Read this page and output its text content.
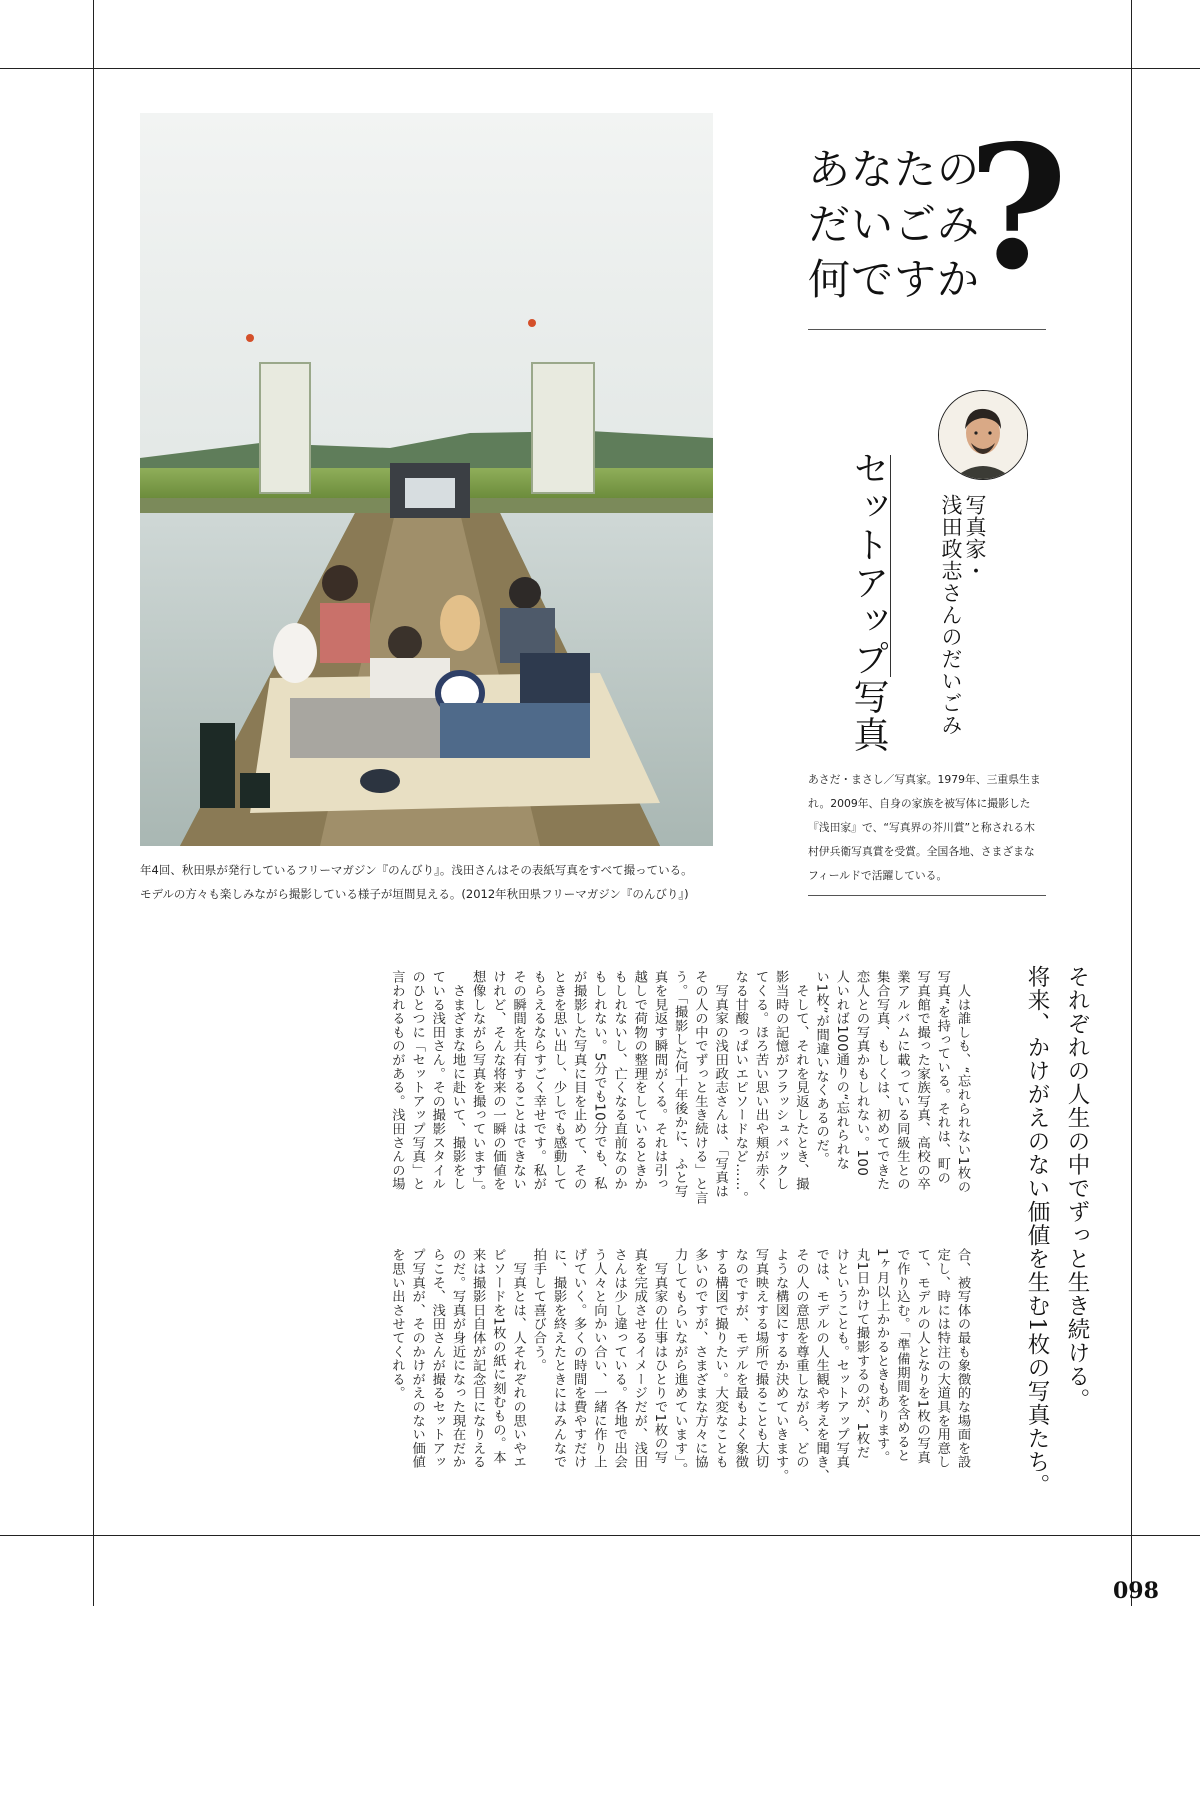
年4回、秋田県が発行しているフリーマガジン『のんびり』。浅田さんはその表紙写真をすべて撮っている。
モデルの方々も楽しみながら撮影している様子が垣間見える。(2012年秋田県フリーマガジン『のんびり』)
あなたの
だいごみ
何ですか
?
セットアップ写真	写真家・
浅田政志さんのだいごみ
あさだ・まさし／写真家。1979年、三重県生ま
れ。2009年、自身の家族を被写体に撮影した
『浅田家』で、“写真界の芥川賞”と称される木
村伊兵衛写真賞を受賞。全国各地、さまざまな
フィールドで活躍している。
それぞれの人生の中でずっと生き続ける。
将来、かけがえのない価値を生む1枚の写真たち。
　人は誰しも、“忘れられない1枚の
写真”を持っている。それは、町の
写真館で撮った家族写真、高校の卒
業アルバムに載っている同級生との
集合写真、もしくは、初めてできた
恋人との写真かもしれない。100
人いれば100通りの“忘れられな
い1枚”が間違いなくあるのだ。
　そして、それを見返したとき、撮
影当時の記憶がフラッシュバックし
てくる。ほろ苦い思い出や頬が赤く
なる甘酸っぱいエピソードなど……。
　写真家の浅田政志さんは、「写真は
その人の中でずっと生き続ける」と言
う。「撮影した何十年後かに、ふと写
真を見返す瞬間がくる。それは引っ
越しで荷物の整理をしているときか
もしれないし、亡くなる直前なのか
もしれない。5分でも10分でも、私
が撮影した写真に目を止めて、その
ときを思い出し、少しでも感動して
もらえるならすごく幸せです。私が
その瞬間を共有することはできない
けれど、そんな将来の一瞬の価値を
想像しながら写真を撮っています」。
　さまざまな地に赴いて、撮影をし
ている浅田さん。その撮影スタイル
のひとつに「セットアップ写真」と
言われるものがある。浅田さんの場
合、被写体の最も象徴的な場面を設
定し、時には特注の大道具を用意し
て、モデルの人となりを1枚の写真
で作り込む。「準備期間を含めると
1ヶ月以上かかるときもあります。
丸1日かけて撮影するのが、1枚だ
けということも。セットアップ写真
では、モデルの人生観や考えを聞き、
その人の意思を尊重しながら、どの
ような構図にするか決めていきます。
写真映えする場所で撮ることも大切
なのですが、モデルを最もよく象徴
する構図で撮りたい。大変なことも
多いのですが、さまざまな方々に協
力してもらいながら進めています」。
　写真家の仕事はひとりで1枚の写
真を完成させるイメージだが、浅田
さんは少し違っている。各地で出会
う人々と向かい合い、一緒に作り上
げていく。多くの時間を費やすだけ
に、撮影を終えたときにはみんなで
拍手して喜び合う。
　写真とは、人それぞれの思いやエ
ピソードを1枚の紙に刻むもの。本
来は撮影日自体が記念日になりえる
のだ。写真が身近になった現在だか
らこそ、浅田さんが撮るセットアッ
プ写真が、そのかけがえのない価値
を思い出させてくれる。
098
